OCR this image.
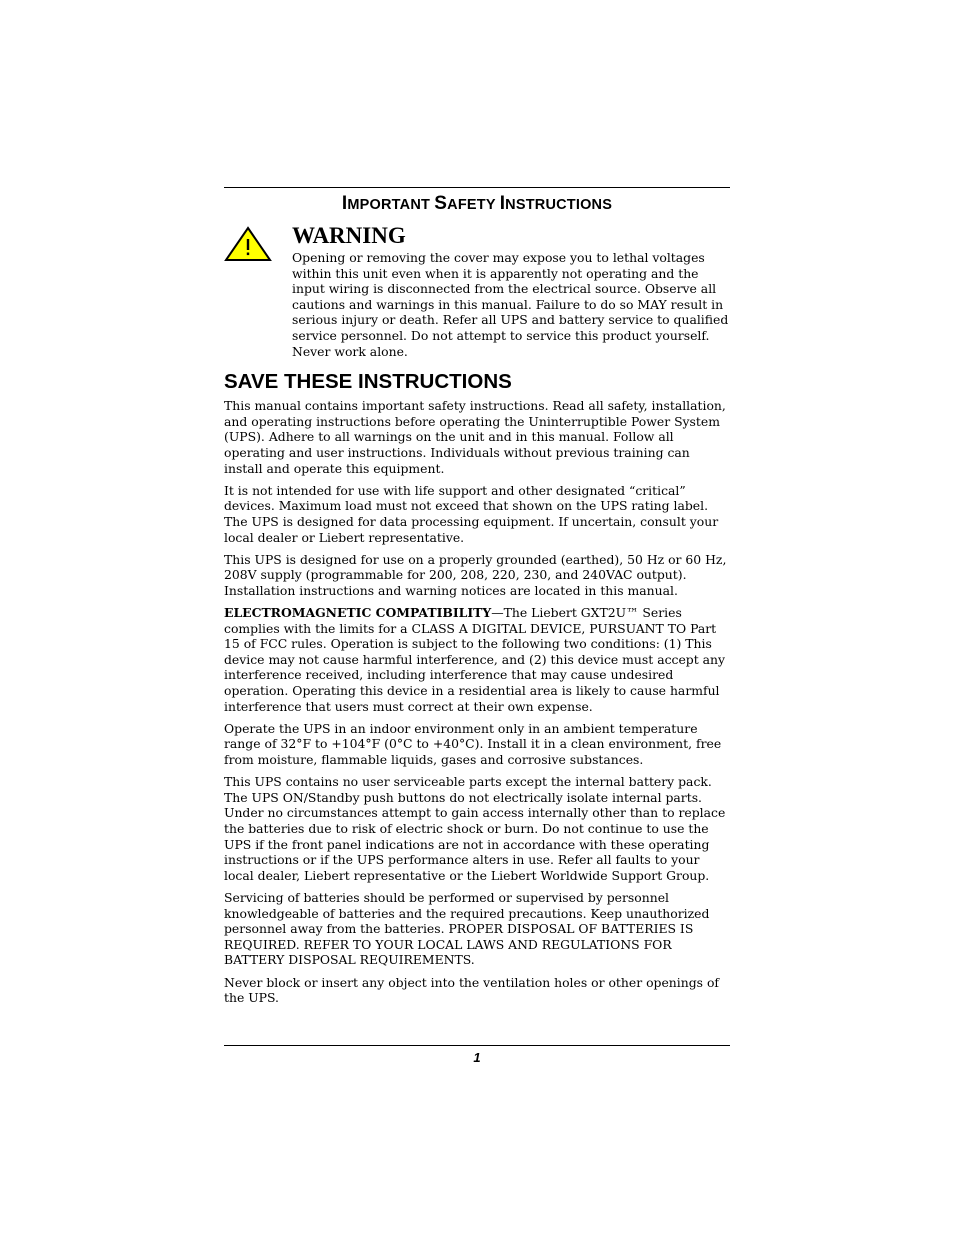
IMPORTANT SAFETY INSTRUCTIONS
WARNING

Opening or removing the cover may expose you to lethal voltages within this unit even when it is apparently not operating and the input wiring is disconnected from the electrical source. Observe all cautions and warnings in this manual. Failure to do so MAY result in serious injury or death. Refer all UPS and battery service to qualified service personnel. Do not attempt to service this product yourself. Never work alone.

SAVE THESE INSTRUCTIONS

This manual contains important safety instructions. Read all safety, installation, and operating instructions before operating the Uninterruptible Power System (UPS). Adhere to all warnings on the unit and in this manual. Follow all operating and user instructions. Individuals without previous training can install and operate this equipment.

It is not intended for use with life support and other designated “critical” devices. Maximum load must not exceed that shown on the UPS rating label. The UPS is designed for data processing equipment. If uncertain, consult your local dealer or Liebert representative.

This UPS is designed for use on a properly grounded (earthed), 50 Hz or 60 Hz, 208V supply (programmable for 200, 208, 220, 230, and 240VAC output). Installation instructions and warning notices are located in this manual.

ELECTROMAGNETIC COMPATIBILITY—The Liebert GXT2U™ Series complies with the limits for a CLASS A DIGITAL DEVICE, PURSUANT TO Part 15 of FCC rules. Operation is subject to the following two conditions: (1) This device may not cause harmful interference, and (2) this device must accept any interference received, including interference that may cause undesired operation. Operating this device in a residential area is likely to cause harmful interference that users must correct at their own expense.

Operate the UPS in an indoor environment only in an ambient temperature range of 32°F to +104°F (0°C to +40°C). Install it in a clean environment, free from moisture, flammable liquids, gases and corrosive substances.

This UPS contains no user serviceable parts except the internal battery pack. The UPS ON/Standby push buttons do not electrically isolate internal parts. Under no circumstances attempt to gain access internally other than to replace the batteries due to risk of electric shock or burn. Do not continue to use the UPS if the front panel indications are not in accordance with these operating instructions or if the UPS performance alters in use. Refer all faults to your local dealer, Liebert representative or the Liebert Worldwide Support Group.

Servicing of batteries should be performed or supervised by personnel knowledgeable of batteries and the required precautions. Keep unauthorized personnel away from the batteries. PROPER DISPOSAL OF BATTERIES IS REQUIRED. REFER TO YOUR LOCAL LAWS AND REGULATIONS FOR BATTERY DISPOSAL REQUIREMENTS.

Never block or insert any object into the ventilation holes or other openings of the UPS.

1
